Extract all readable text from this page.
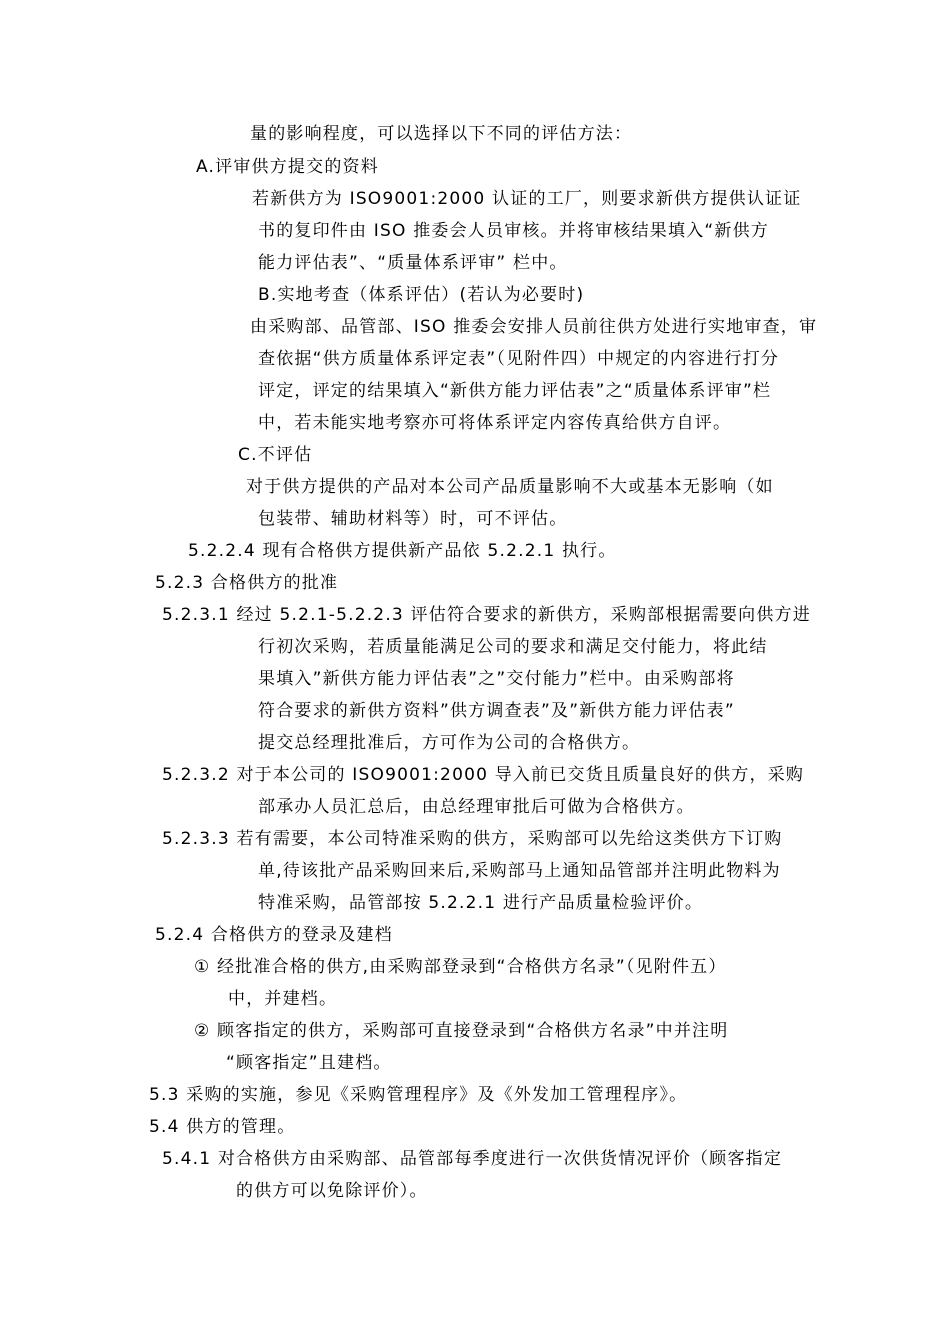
量的影响程度，可以选择以下不同的评估方法：
A.评审供方提交的资料
若新供方为 ISO9001:2000 认证的工厂，则要求新供方提供认证证
书的复印件由 ISO 推委会人员审核。并将审核结果填入“新供方
能力评估表”、“质量体系评审” 栏中。
B.实地考查（体系评估）(若认为必要时)
由采购部、品管部、ISO 推委会安排人员前往供方处进行实地审查，审
查依据“供方质量体系评定表”（见附件四）中规定的内容进行打分
评定，评定的结果填入“新供方能力评估表”之“质量体系评审”栏
中，若未能实地考察亦可将体系评定内容传真给供方自评。
C.不评估
对于供方提供的产品对本公司产品质量影响不大或基本无影响（如
包装带、辅助材料等）时，可不评估。
5.2.2.4 现有合格供方提供新产品依 5.2.2.1 执行。
5.2.3 合格供方的批准
5.2.3.1 经过 5.2.1-5.2.2.3 评估符合要求的新供方，采购部根据需要向供方进
行初次采购，若质量能满足公司的要求和满足交付能力，将此结
果填入”新供方能力评估表”之”交付能力”栏中。由采购部将
符合要求的新供方资料”供方调查表”及”新供方能力评估表”
提交总经理批准后，方可作为公司的合格供方。
5.2.3.2 对于本公司的 ISO9001:2000 导入前已交货且质量良好的供方，采购
部承办人员汇总后，由总经理审批后可做为合格供方。
5.2.3.3 若有需要，本公司特准采购的供方，采购部可以先给这类供方下订购
单,待该批产品采购回来后,采购部马上通知品管部并注明此物料为
特准采购，品管部按 5.2.2.1 进行产品质量检验评价。
5.2.4 合格供方的登录及建档
① 经批准合格的供方,由采购部登录到“合格供方名录”（见附件五）
中，并建档。
② 顾客指定的供方，采购部可直接登录到“合格供方名录”中并注明
“顾客指定”且建档。
5.3 采购的实施，参见《采购管理程序》及《外发加工管理程序》。
5.4 供方的管理。
5.4.1 对合格供方由采购部、品管部每季度进行一次供货情况评价（顾客指定
的供方可以免除评价）。
